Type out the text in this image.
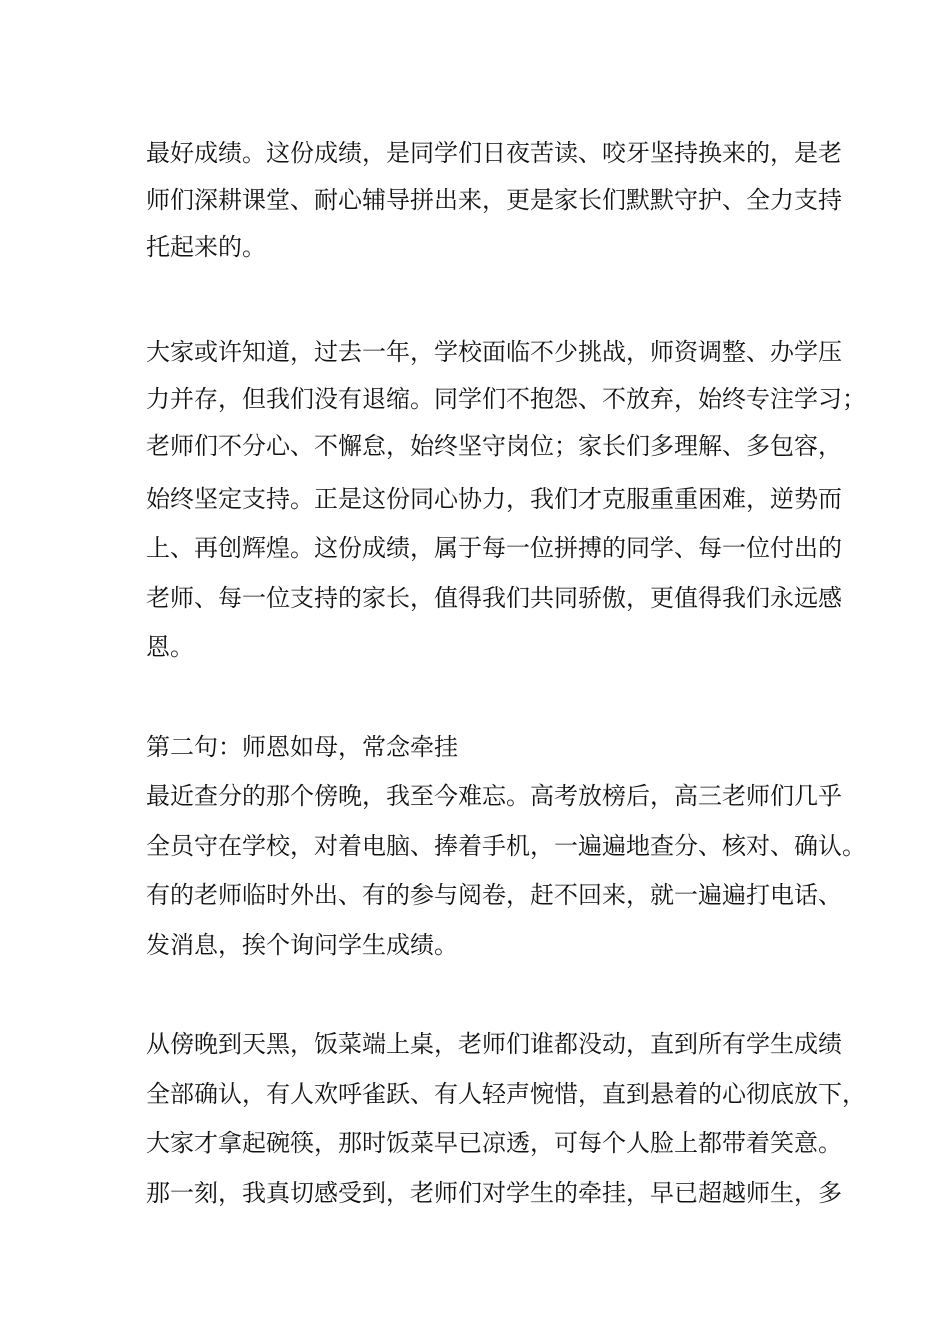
最好成绩。这份成绩，是同学们日夜苦读、咬牙坚持换来的，是老

师们深耕课堂、耐心辅导拼出来，更是家长们默默守护、全力支持

托起来的。

大家或许知道，过去一年，学校面临不少挑战，师资调整、办学压

力并存，但我们没有退缩。同学们不抱怨、不放弃，始终专注学习；

老师们不分心、不懈怠，始终坚守岗位；家长们多理解、多包容，

始终坚定支持。正是这份同心协力，我们才克服重重困难，逆势而

上、再创辉煌。这份成绩，属于每一位拼搏的同学、每一位付出的

老师、每一位支持的家长，值得我们共同骄傲，更值得我们永远感

恩。

第二句：师恩如母，常念牵挂

最近查分的那个傍晚，我至今难忘。高考放榜后，高三老师们几乎

全员守在学校，对着电脑、捧着手机，一遍遍地查分、核对、确认。

有的老师临时外出、有的参与阅卷，赶不回来，就一遍遍打电话、

发消息，挨个询问学生成绩。

从傍晚到天黑，饭菜端上桌，老师们谁都没动，直到所有学生成绩

全部确认，有人欢呼雀跃、有人轻声惋惜，直到悬着的心彻底放下，

大家才拿起碗筷，那时饭菜早已凉透，可每个人脸上都带着笑意。

那一刻，我真切感受到，老师们对学生的牵挂，早已超越师生，多
